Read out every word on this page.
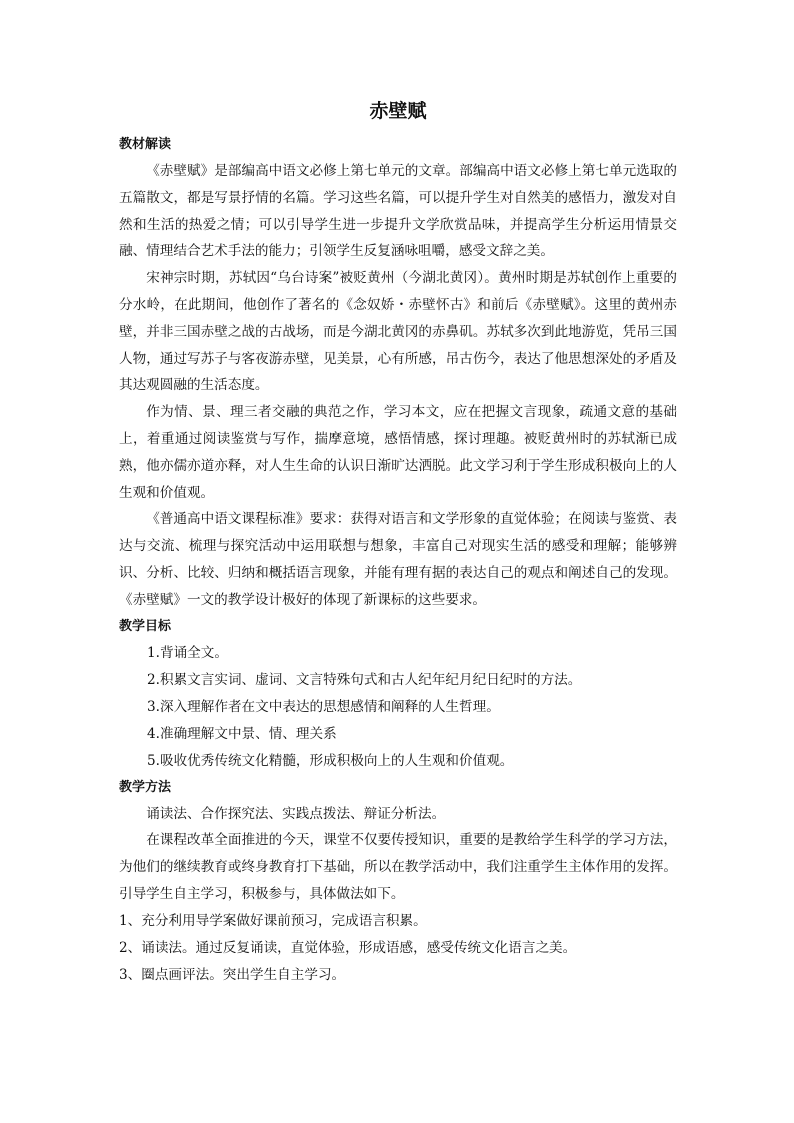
赤壁赋

教材解读

《赤壁赋》是部编高中语文必修上第七单元的文章。部编高中语文必修上第七单元选取的五篇散文，都是写景抒情的名篇。学习这些名篇，可以提升学生对自然美的感悟力，激发对自然和生活的热爱之情；可以引导学生进一步提升文学欣赏品味，并提高学生分析运用情景交融、情理结合艺术手法的能力；引领学生反复涵咏咀嚼，感受文辞之美。

宋神宗时期，苏轼因“乌台诗案”被贬黄州（今湖北黄冈）。黄州时期是苏轼创作上重要的分水岭，在此期间，他创作了著名的《念奴娇・赤壁怀古》和前后《赤壁赋》。这里的黄州赤壁，并非三国赤壁之战的古战场，而是今湖北黄冈的赤鼻矶。苏轼多次到此地游览，凭吊三国人物，通过写苏子与客夜游赤壁，见美景，心有所感，吊古伤今，表达了他思想深处的矛盾及其达观圆融的生活态度。

作为情、景、理三者交融的典范之作，学习本文，应在把握文言现象，疏通文意的基础上，着重通过阅读鉴赏与写作，揣摩意境，感悟情感，探讨理趣。被贬黄州时的苏轼渐已成熟，他亦儒亦道亦释，对人生生命的认识日渐旷达洒脱。此文学习利于学生形成积极向上的人生观和价值观。

《普通高中语文课程标准》要求：获得对语言和文学形象的直觉体验；在阅读与鉴赏、表达与交流、梳理与探究活动中运用联想与想象，丰富自己对现实生活的感受和理解；能够辨识、分析、比较、归纳和概括语言现象，并能有理有据的表达自己的观点和阐述自己的发现。《赤壁赋》一文的教学设计极好的体现了新课标的这些要求。

教学目标

1.背诵全文。

2.积累文言实词、虚词、文言特殊句式和古人纪年纪月纪日纪时的方法。

3.深入理解作者在文中表达的思想感情和阐释的人生哲理。

4.准确理解文中景、情、理关系

5.吸收优秀传统文化精髓，形成积极向上的人生观和价值观。

教学方法

诵读法、合作探究法、实践点拨法、辩证分析法。

在课程改革全面推进的今天，课堂不仅要传授知识，重要的是教给学生科学的学习方法，为他们的继续教育或终身教育打下基础，所以在教学活动中，我们注重学生主体作用的发挥。引导学生自主学习，积极参与，具体做法如下。

1、充分利用导学案做好课前预习，完成语言积累。

2、诵读法。通过反复诵读，直觉体验，形成语感，感受传统文化语言之美。

3、圈点画评法。突出学生自主学习。
